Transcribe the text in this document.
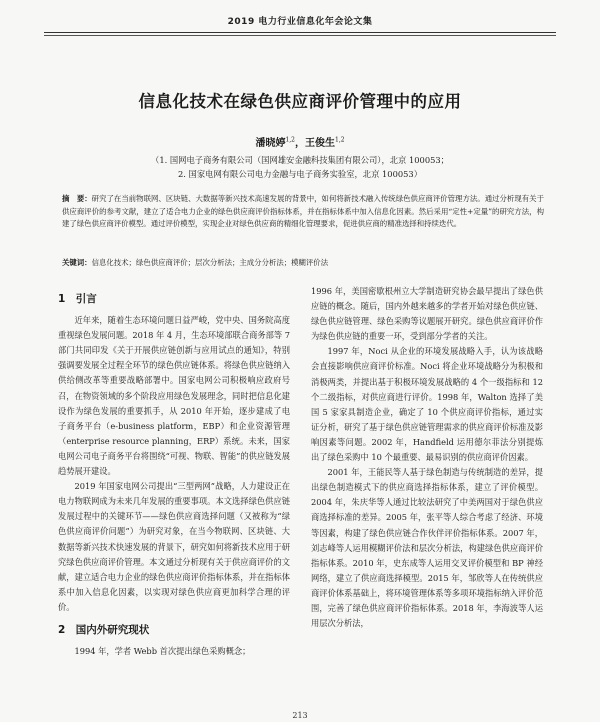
2019 电力行业信息化年会论文集
信息化技术在绿色供应商评价管理中的应用
潘晓婷$^{1,2}$，王俊生$^{1,2}$
（1. 国网电子商务有限公司（国网雄安金融科技集团有限公司），北京 100053；
2. 国家电网有限公司电力金融与电子商务实验室，北京 100053）
摘　要：研究了在当前物联网、区块链、大数据等新兴技术高速发展的背景中，如何将新技术融入传统绿色供应商评价管理方法。通过分析现有关于供应商评价的参考文献，建立了适合电力企业的绿色供应商评价指标体系，并在指标体系中加入信息化因素。然后采用“定性+定量”的研究方法，构建了绿色供应商评价模型。通过评价模型，实现企业对绿色供应商的精细化管理要求，促进供应商的精准选择和持续迭代。
关键词：信息化技术；绿色供应商评价；层次分析法；主成分分析法；模糊评价法
1　引言

近年来，随着生态环境问题日益严峻，党中央、国务院高度重视绿色发展问题。2018 年 4 月，生态环境部联合商务部等 7 部门共同印发《关于开展供应链创新与应用试点的通知》，特别强调要发展全过程全环节的绿色供应链体系。将绿色供应链纳入供给侧改革等重要战略部署中。国家电网公司积极响应政府号召，在物资领域的多个阶段应用绿色发展理念，同时把信息化建设作为绿色发展的重要抓手，从 2010 年开始，逐步建成了电子商务平台（e-business platform，EBP）和企业资源管理（enterprise resource planning，ERP）系统。未来，国家电网公司电子商务平台将围绕“可视、物联、智能”的供应链发展趋势展开建设。

2019 年国家电网公司提出“三型两网”战略，人力建设正在电力物联网成为未来几年发展的重要事项。本文选择绿色供应链发展过程中的关键环节——绿色供应商选择问题（又被称为“绿色供应商评价问题”）为研究对象，在当今物联网、区块链、大数据等新兴技术快速发展的背景下，研究如何将新技术应用于研究绿色供应商评价管理。本文通过分析现有关于供应商评价的文献，建立适合电力企业的绿色供应商评价指标体系，并在指标体系中加入信息化因素，以实现对绿色供应商更加科学合理的评价。

2　国内外研究现状

1994 年，学者 Webb 首次提出绿色采购概念；

1996 年，美国密歇根州立大学制造研究协会最早提出了绿色供应链的概念。随后，国内外越来越多的学者开始对绿色供应链、绿色供应链管理、绿色采购等议题展开研究。绿色供应商评价作为绿色供应链的重要一环，受到部分学者的关注。

1997 年，Noci 从企业的环境发展战略入手，认为该战略会直接影响供应商评价标准。Noci 将企业环境战略分为积极和消极两类，并提出基于积极环境发展战略的 4 个一级指标和 12 个二级指标，对供应商进行评价。1998 年，Walton 选择了美国 5 家家具制造企业，确定了 10 个供应商评价指标，通过实证分析，研究了基于绿色供应链管理需求的供应商评价标准及影响因素等问题。2002 年，Handfield 运用德尔菲法分别提炼出了绿色采购中 10 个最重要、最易识别的供应商评价因素。

2001 年，王能民等人基于绿色制造与传统制造的差异，提出绿色制造模式下的供应商选择指标体系，建立了评价模型。2004 年，朱庆华等人通过比较法研究了中美两国对于绿色供应商选择标准的差异。2005 年，张平等人综合考虑了经济、环境等因素，构建了绿色供应链合作伙伴评价指标体系。2007 年，刘志峰等人运用模糊评价法和层次分析法，构建绿色供应商评价指标体系。2010 年，史东成等人运用交叉评价模型和 BP 神经网络，建立了供应商选择模型。2015 年，邹欣等人在传统供应商评价体系基础上，将环境管理体系等多项环境指标纳入评价范围，完善了绿色供应商评价指标体系。2018 年，李海波等人运用层次分析法，

213
